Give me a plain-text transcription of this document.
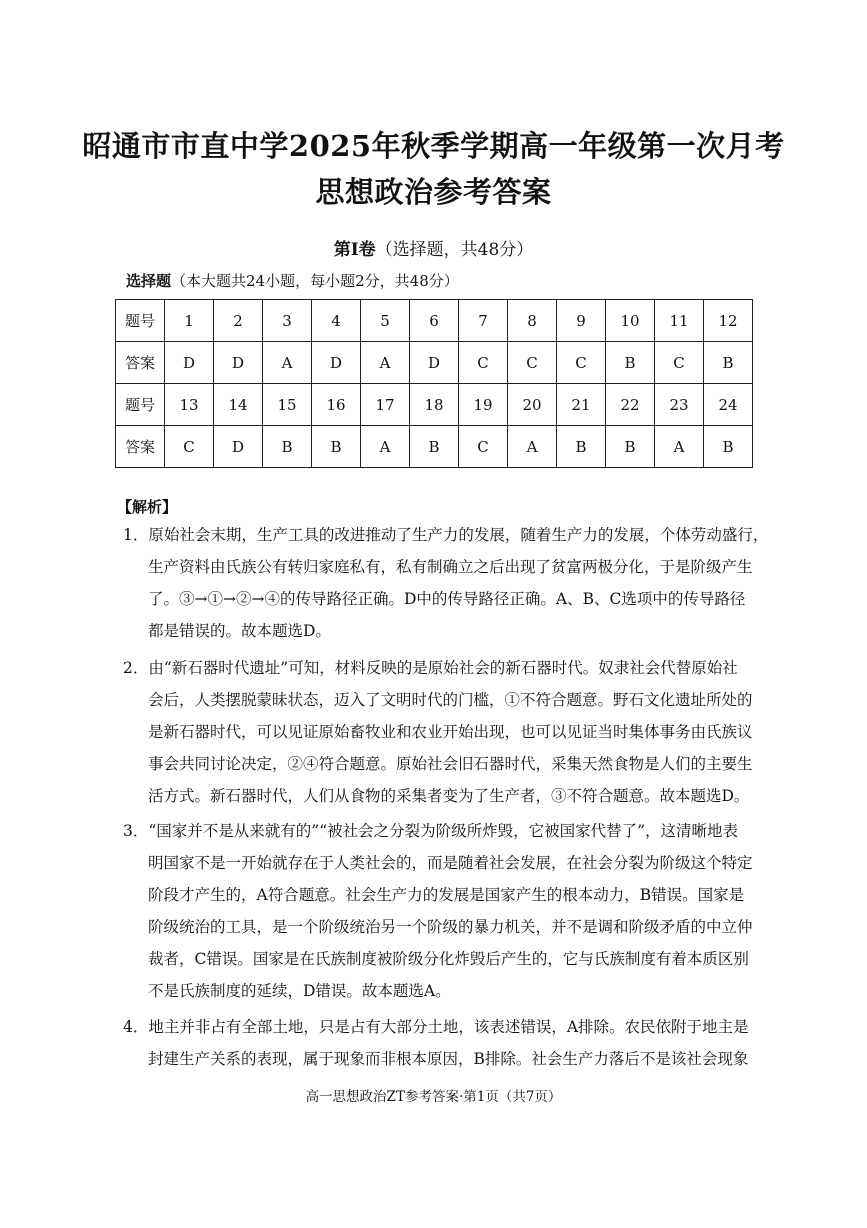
昭通市市直中学2025年秋季学期高一年级第一次月考
思想政治参考答案
第Ⅰ卷（选择题，共48分）
选择题（本大题共24小题，每小题2分，共48分）
题号	1	2	3	4	5	6	7	8	9	10	11	12
答案	D	D	A	D	A	D	C	C	C	B	C	B
题号	13	14	15	16	17	18	19	20	21	22	23	24
答案	C	D	B	B	A	B	C	A	B	B	A	B
【解析】
1．原始社会末期，生产工具的改进推动了生产力的发展，随着生产力的发展，个体劳动盛行，
生产资料由氏族公有转归家庭私有，私有制确立之后出现了贫富两极分化，于是阶级产生
了。③→①→②→④的传导路径正确。D中的传导路径正确。A、B、C选项中的传导路径
都是错误的。故本题选D。
2．由“新石器时代遗址”可知，材料反映的是原始社会的新石器时代。奴隶社会代替原始社
会后，人类摆脱蒙昧状态，迈入了文明时代的门槛，①不符合题意。野石文化遗址所处的
是新石器时代，可以见证原始畜牧业和农业开始出现，也可以见证当时集体事务由氏族议
事会共同讨论决定，②④符合题意。原始社会旧石器时代，采集天然食物是人们的主要生
活方式。新石器时代，人们从食物的采集者变为了生产者，③不符合题意。故本题选D。
3．“国家并不是从来就有的”“被社会之分裂为阶级所炸毁，它被国家代替了”，这清晰地表
明国家不是一开始就存在于人类社会的，而是随着社会发展，在社会分裂为阶级这个特定
阶段才产生的，A符合题意。社会生产力的发展是国家产生的根本动力，B错误。国家是
阶级统治的工具，是一个阶级统治另一个阶级的暴力机关，并不是调和阶级矛盾的中立仲
裁者，C错误。国家是在氏族制度被阶级分化炸毁后产生的，它与氏族制度有着本质区别
不是氏族制度的延续，D错误。故本题选A。
4．地主并非占有全部土地，只是占有大部分土地，该表述错误，A排除。农民依附于地主是
封建生产关系的表现，属于现象而非根本原因，B排除。社会生产力落后不是该社会现象
高一思想政治ZT参考答案·第1页（共7页）
